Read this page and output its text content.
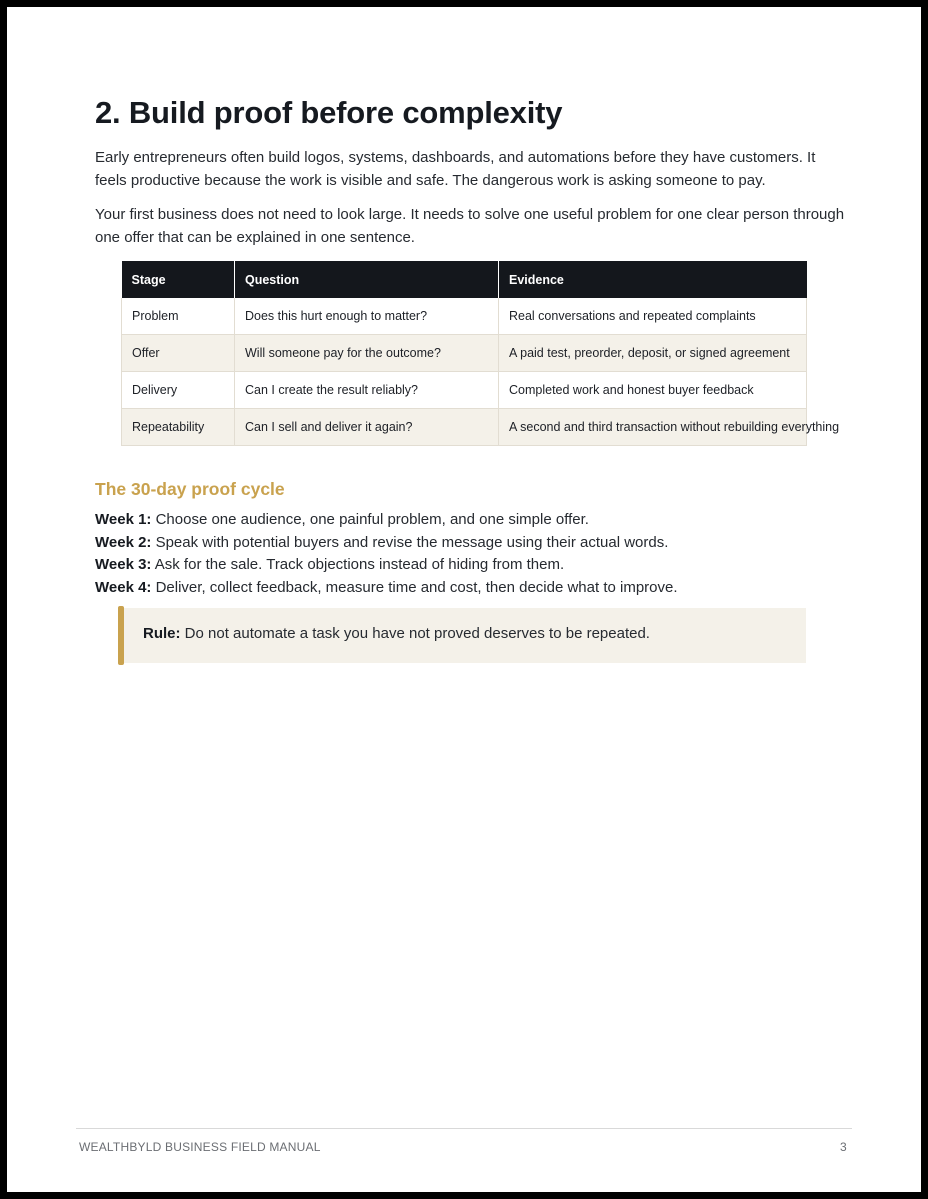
2. Build proof before complexity

Early entrepreneurs often build logos, systems, dashboards, and automations before they have customers. It feels productive because the work is visible and safe. The dangerous work is asking someone to pay.

Your first business does not need to look large. It needs to solve one useful problem for one clear person through one offer that can be explained in one sentence.

Stage	Question	Evidence
Problem	Does this hurt enough to matter?	Real conversations and repeated complaints
Offer	Will someone pay for the outcome?	A paid test, preorder, deposit, or signed agreement
Delivery	Can I create the result reliably?	Completed work and honest buyer feedback
Repeatability	Can I sell and deliver it again?	A second and third transaction without rebuilding everything
The 30-day proof cycle
Week 1: Choose one audience, one painful problem, and one simple offer.
Week 2: Speak with potential buyers and revise the message using their actual words.
Week 3: Ask for the sale. Track objections instead of hiding from them.
Week 4: Deliver, collect feedback, measure time and cost, then decide what to improve.
Rule: Do not automate a task you have not proved deserves to be repeated.
WEALTHBYLD BUSINESS FIELD MANUAL	3
